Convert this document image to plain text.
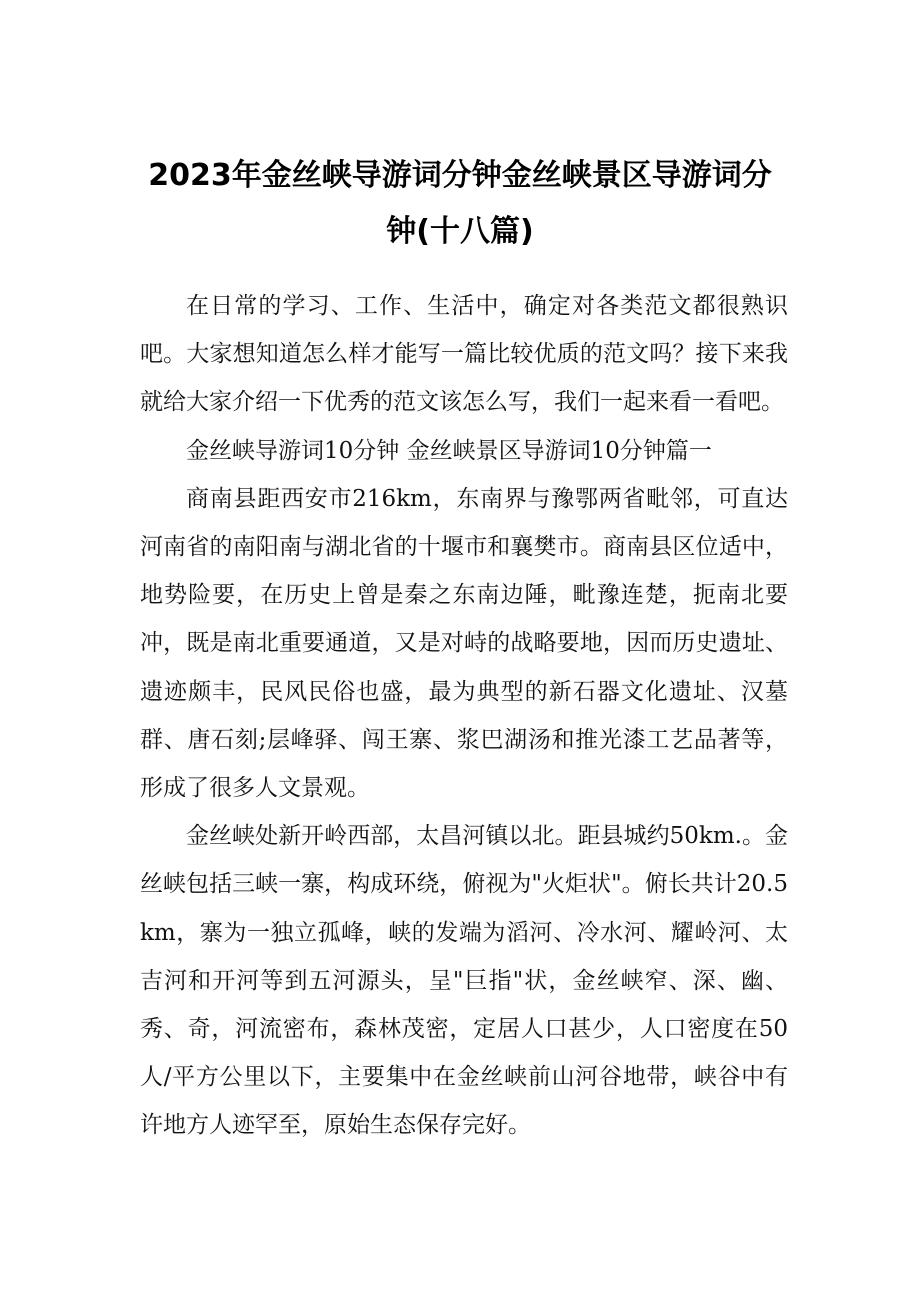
2023年金丝峡导游词分钟金丝峡景区导游词分钟(十八篇)

在日常的学习、工作、生活中，确定对各类范文都很熟识吧。大家想知道怎么样才能写一篇比较优质的范文吗？接下来我就给大家介绍一下优秀的范文该怎么写，我们一起来看一看吧。

金丝峡导游词10分钟 金丝峡景区导游词10分钟篇一

商南县距西安市216km，东南界与豫鄂两省毗邻，可直达河南省的南阳南与湖北省的十堰市和襄樊市。商南县区位适中，地势险要，在历史上曾是秦之东南边陲，毗豫连楚，扼南北要冲，既是南北重要通道，又是对峙的战略要地，因而历史遗址、遗迹颇丰，民风民俗也盛，最为典型的新石器文化遗址、汉墓群、唐石刻;层峰驿、闯王寨、浆巴湖汤和推光漆工艺品著等，形成了很多人文景观。

金丝峡处新开岭西部，太昌河镇以北。距县城约50km.。金丝峡包括三峡一寨，构成环绕，俯视为"火炬状"。俯长共计20.5km，寨为一独立孤峰，峡的发端为滔河、冷水河、耀岭河、太吉河和开河等到五河源头，呈"巨指"状，金丝峡窄、深、幽、秀、奇，河流密布，森林茂密，定居人口甚少，人口密度在50人/平方公里以下，主要集中在金丝峡前山河谷地带，峡谷中有许地方人迹罕至，原始生态保存完好。
